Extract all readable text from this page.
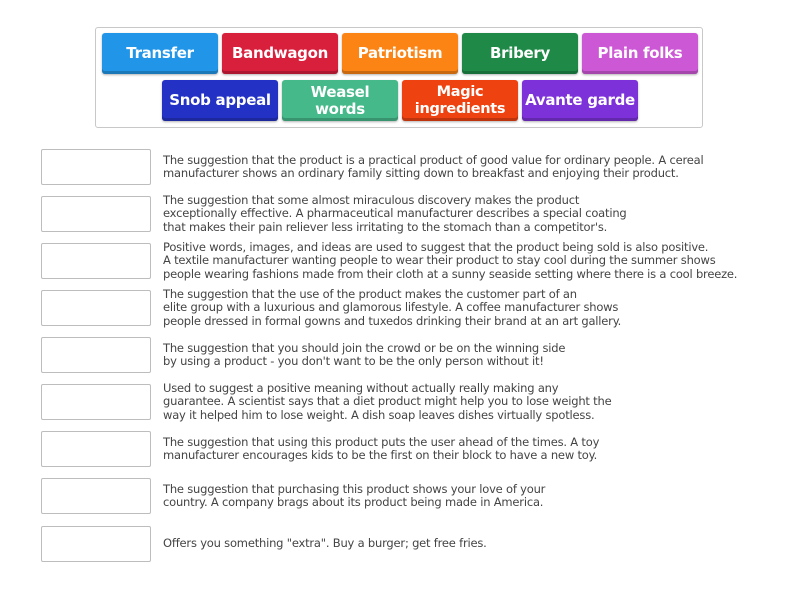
Transfer	Bandwagon	Patriotism	Bribery	Plain folks
Snob appeal	Weasel
words
Magic
ingredients	Avante garde
The suggestion that the product is a practical product of good value for ordinary people. A cereal
manufacturer shows an ordinary family sitting down to breakfast and enjoying their product.
The suggestion that some almost miraculous discovery makes the product
exceptionally effective. A pharmaceutical manufacturer describes a special coating
that makes their pain reliever less irritating to the stomach than a competitor's.
Positive words, images, and ideas are used to suggest that the product being sold is also positive.
A textile manufacturer wanting people to wear their product to stay cool during the summer shows
people wearing fashions made from their cloth at a sunny seaside setting where there is a cool breeze.
The suggestion that the use of the product makes the customer part of an
elite group with a luxurious and glamorous lifestyle. A coffee manufacturer shows
people dressed in formal gowns and tuxedos drinking their brand at an art gallery.
The suggestion that you should join the crowd or be on the winning side
by using a product - you don't want to be the only person without it!
Used to suggest a positive meaning without actually really making any
guarantee. A scientist says that a diet product might help you to lose weight the
way it helped him to lose weight. A dish soap leaves dishes virtually spotless.
The suggestion that using this product puts the user ahead of the times. A toy
manufacturer encourages kids to be the first on their block to have a new toy.
The suggestion that purchasing this product shows your love of your
country. A company brags about its product being made in America.
Offers you something "extra". Buy a burger; get free fries.
